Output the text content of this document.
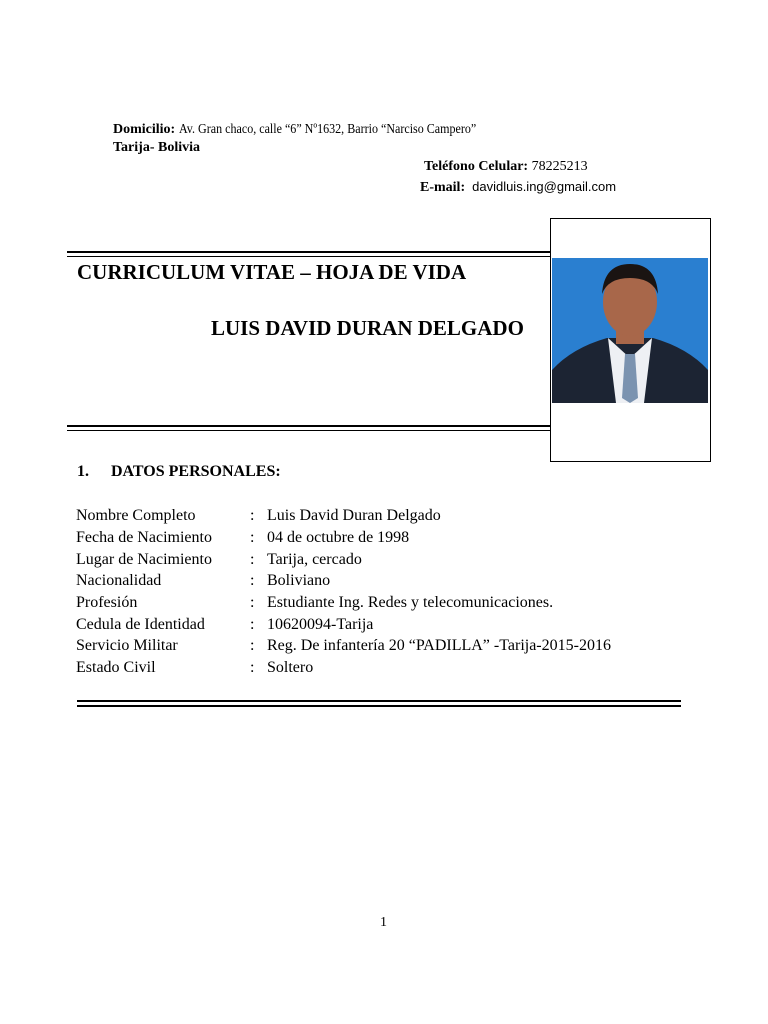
Domicilio: Av. Gran chaco, calle “6” Nº1632, Barrio “Narciso Campero”
Tarija- Bolivia
Teléfono Celular: 78225213
E-mail: davidluis.ing@gmail.com
CURRICULUM VITAE – HOJA DE VIDA
LUIS DAVID DURAN DELGADO
1. DATOS PERSONALES:
Nombre Completo	: Luis David Duran Delgado
Fecha de Nacimiento : 04 de octubre de 1998
Lugar de Nacimiento : Tarija, cercado
Nacionalidad	: Boliviano
Profesión	: Estudiante Ing. Redes y telecomunicaciones.
Cedula de Identidad	: 10620094-Tarija
Servicio Militar	: Reg. De infantería 20 “PADILLA” -Tarija-2015-2016
Estado Civil	: Soltero
1
